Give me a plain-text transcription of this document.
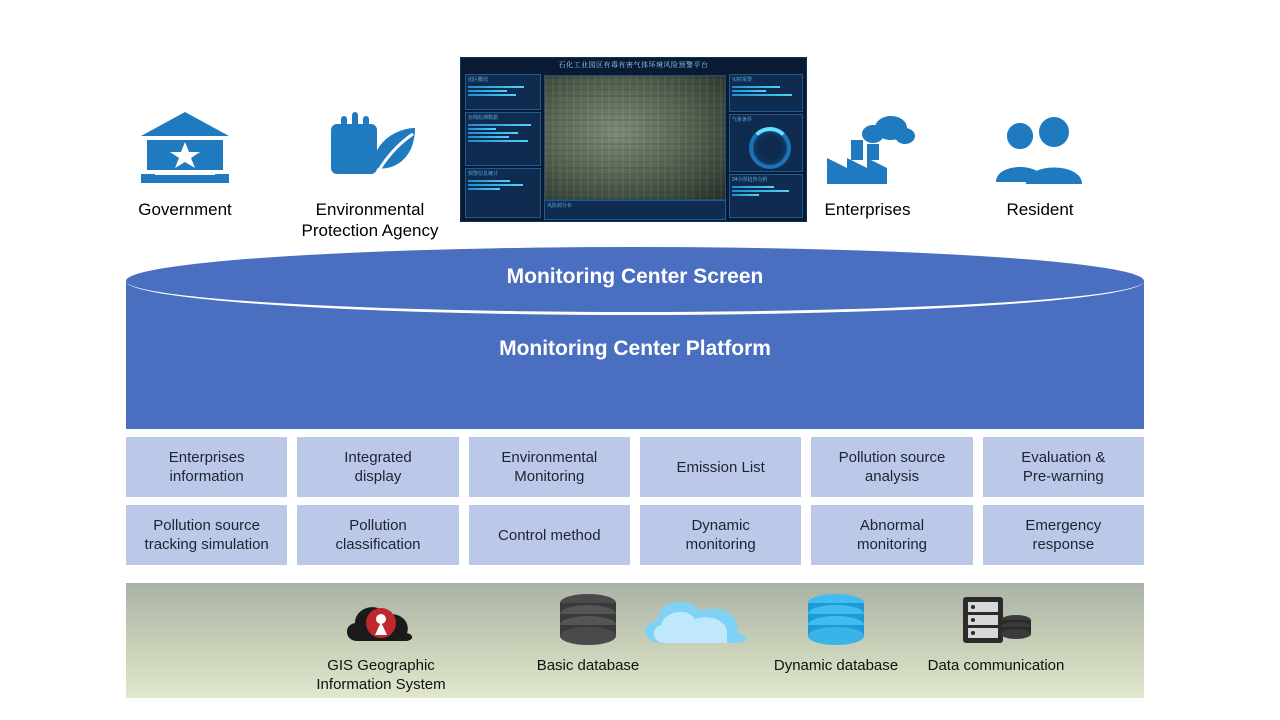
Government	Environmental
Protection Agency
Enterprises	Resident
石化工业园区有毒有害气体环境风险预警平台
园区概况
在线监测数据
预警信息统计
风险源分布
实时报警
气象条件
24小时趋势分析
Monitoring Center Screen
Monitoring Center Platform
Enterprises
information
Integrated
display
Environmental
Monitoring
Emission List
Pollution source
analysis
Evaluation &
Pre-warning
Pollution source
tracking simulation
Pollution
classification
Control method
Dynamic
monitoring
Abnormal
monitoring
Emergency
response
GIS Geographic
Information System
Basic database	Dynamic database	Data communication
